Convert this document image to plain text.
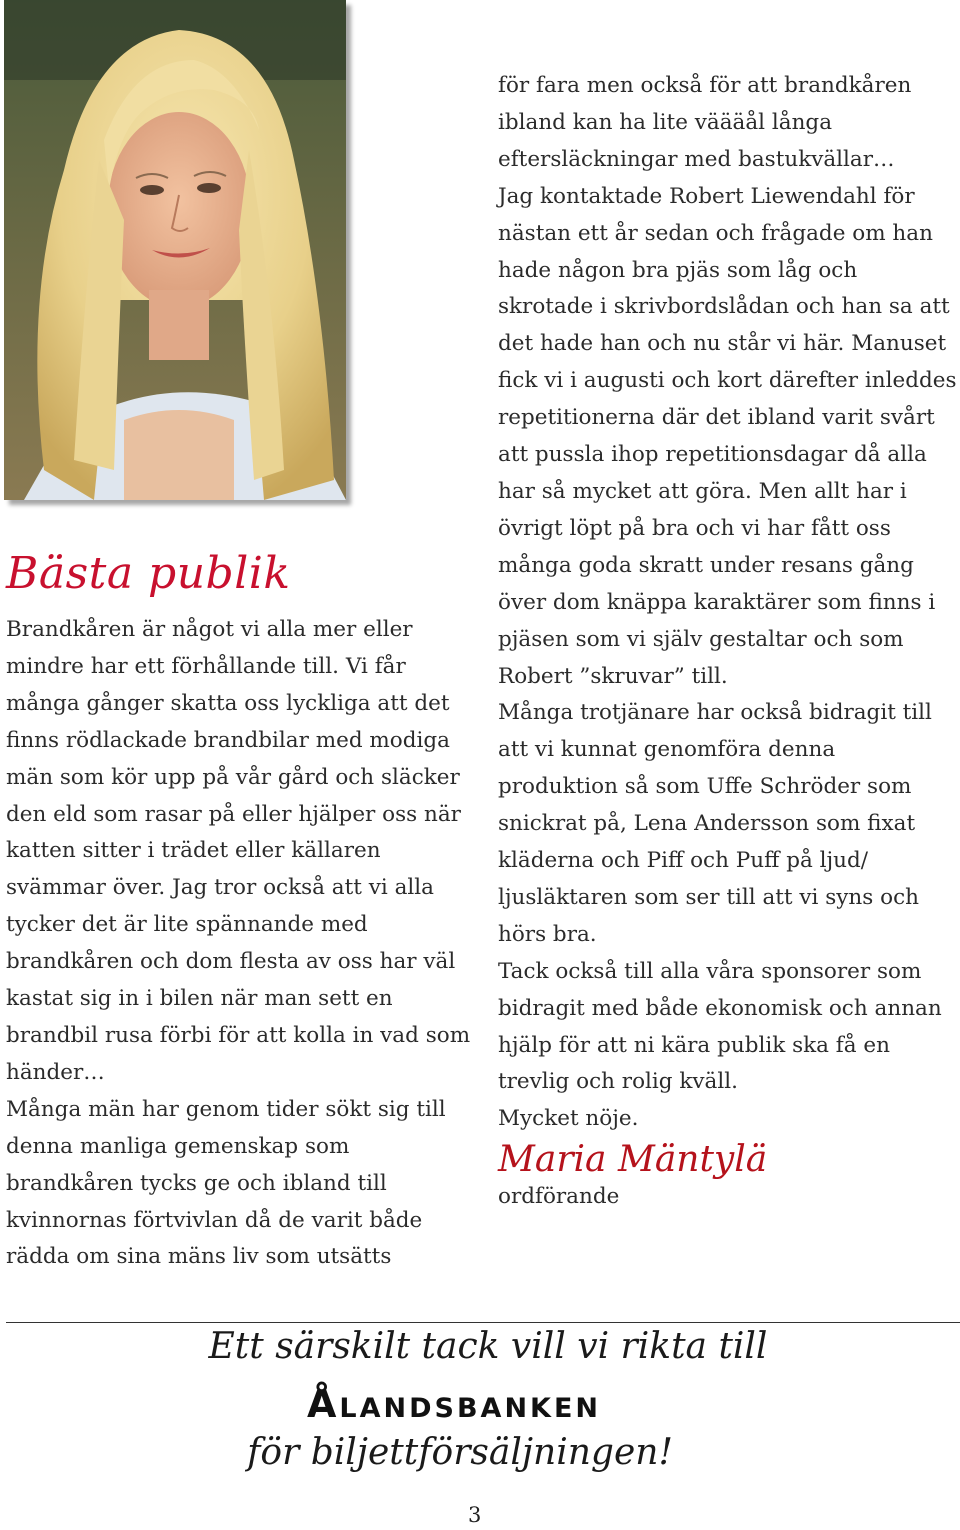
Bästa publik

Brandkåren är något vi alla mer eller mindre har ett förhållande till. Vi får många gånger skatta oss lyckliga att det finns rödlackade brandbilar med modiga män som kör upp på vår gård och släcker den eld som rasar på eller hjälper oss när katten sitter i trädet eller källaren svämmar över. Jag tror också att vi alla tycker det är lite spännande med brandkåren och dom flesta av oss har väl kastat sig in i bilen när man sett en brandbil rusa förbi för att kolla in vad som händer…

Många män har genom tider sökt sig till denna manliga gemenskap som brandkåren tycks ge och ibland till kvinnornas förtvivlan då de varit både rädda om sina mäns liv som utsätts

för fara men också för att brandkåren ibland kan ha lite väääål långa eftersläckningar med bastukvällar…

Jag kontaktade Robert Liewendahl för nästan ett år sedan och frågade om han hade någon bra pjäs som låg och skrotade i skrivbordslådan och han sa att det hade han och nu står vi här. Manuset fick vi i augusti och kort därefter inleddes repetitionerna där det ibland varit svårt att pussla ihop repetitionsdagar då alla har så mycket att göra. Men allt har i övrigt löpt på bra och vi har fått oss många goda skratt under resans gång över dom knäppa karaktärer som finns i pjäsen som vi själv gestaltar och som Robert ”skruvar” till.

Många trotjänare har också bidragit till att vi kunnat genomföra denna produktion så som Uffe Schröder som snickrat på, Lena Andersson som fixat kläderna och Piff och Puff på ljud/ ljusläktaren som ser till att vi syns och hörs bra.

Tack också till alla våra sponsorer som bidragit med både ekonomisk och annan hjälp för att ni kära publik ska få en trevlig och rolig kväll.

Mycket nöje.

Maria Mäntylä

ordförande

Ett särskilt tack vill vi rikta till
Ålandsbanken
för biljettförsäljningen!
3
